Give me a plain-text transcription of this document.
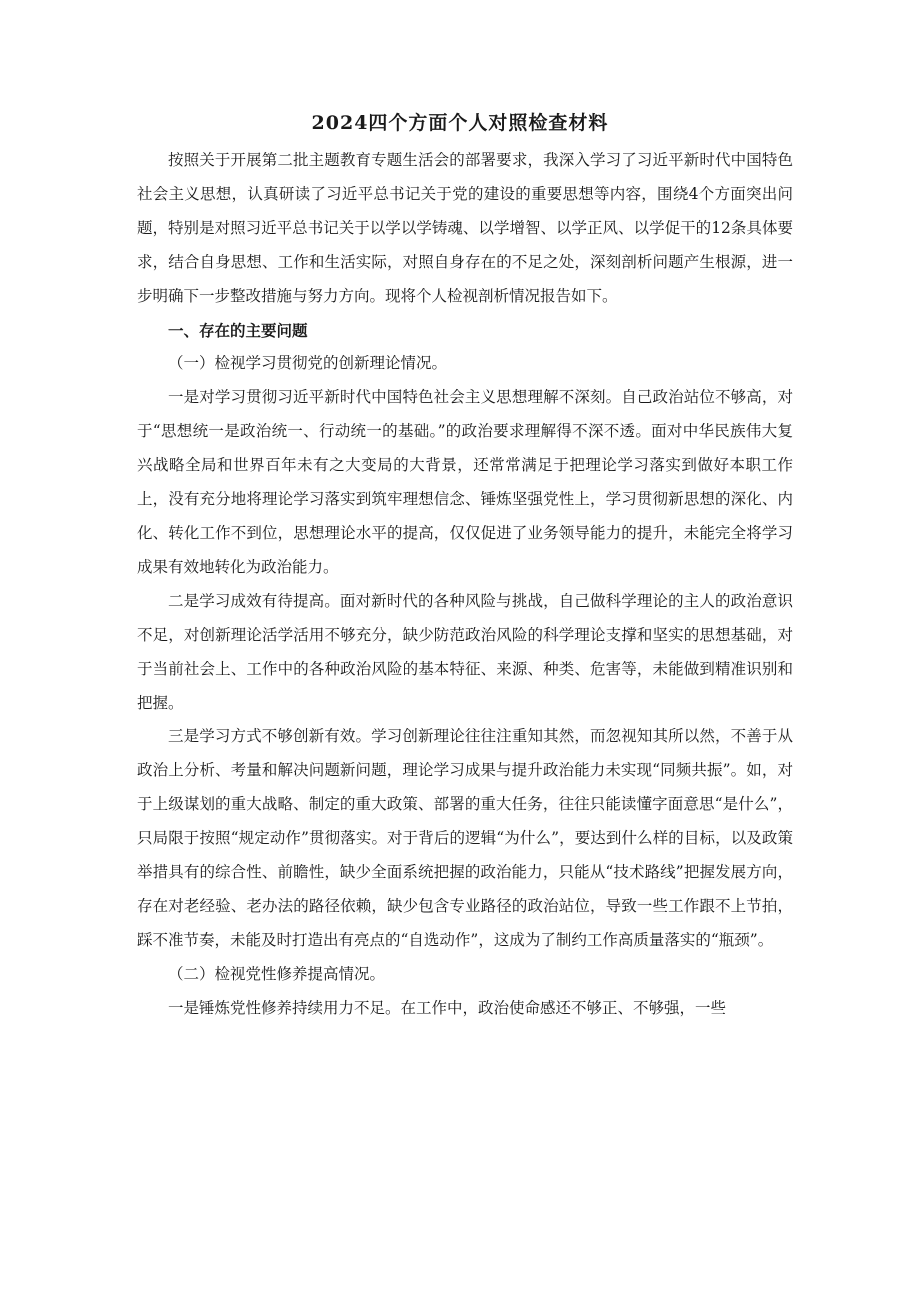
2024四个方面个人对照检查材料

按照关于开展第二批主题教育专题生活会的部署要求，我深入学习了习近平新时代中国特色社会主义思想，认真研读了习近平总书记关于党的建设的重要思想等内容，围绕4个方面突出问题，特别是对照习近平总书记关于以学以学铸魂、以学增智、以学正风、以学促干的12条具体要求，结合自身思想、工作和生活实际，对照自身存在的不足之处，深刻剖析问题产生根源，进一步明确下一步整改措施与努力方向。现将个人检视剖析情况报告如下。

一、存在的主要问题

（一）检视学习贯彻党的创新理论情况。

一是对学习贯彻习近平新时代中国特色社会主义思想理解不深刻。自己政治站位不够高，对于“思想统一是政治统一、行动统一的基础。”的政治要求理解得不深不透。面对中华民族伟大复兴战略全局和世界百年未有之大变局的大背景，还常常满足于把理论学习落实到做好本职工作上，没有充分地将理论学习落实到筑牢理想信念、锤炼坚强党性上，学习贯彻新思想的深化、内化、转化工作不到位，思想理论水平的提高，仅仅促进了业务领导能力的提升，未能完全将学习成果有效地转化为政治能力。

二是学习成效有待提高。面对新时代的各种风险与挑战，自己做科学理论的主人的政治意识不足，对创新理论活学活用不够充分，缺少防范政治风险的科学理论支撑和坚实的思想基础，对于当前社会上、工作中的各种政治风险的基本特征、来源、种类、危害等，未能做到精准识别和把握。

三是学习方式不够创新有效。学习创新理论往往注重知其然，而忽视知其所以然，不善于从政治上分析、考量和解决问题新问题，理论学习成果与提升政治能力未实现“同频共振”。如，对于上级谋划的重大战略、制定的重大政策、部署的重大任务，往往只能读懂字面意思“是什么”，只局限于按照“规定动作”贯彻落实。对于背后的逻辑“为什么”，要达到什么样的目标，以及政策举措具有的综合性、前瞻性，缺少全面系统把握的政治能力，只能从“技术路线”把握发展方向，存在对老经验、老办法的路径依赖，缺少包含专业路径的政治站位，导致一些工作跟不上节拍，踩不准节奏，未能及时打造出有亮点的“自选动作”，这成为了制约工作高质量落实的“瓶颈”。

（二）检视党性修养提高情况。

一是锤炼党性修养持续用力不足。在工作中，政治使命感还不够正、不够强，一些
